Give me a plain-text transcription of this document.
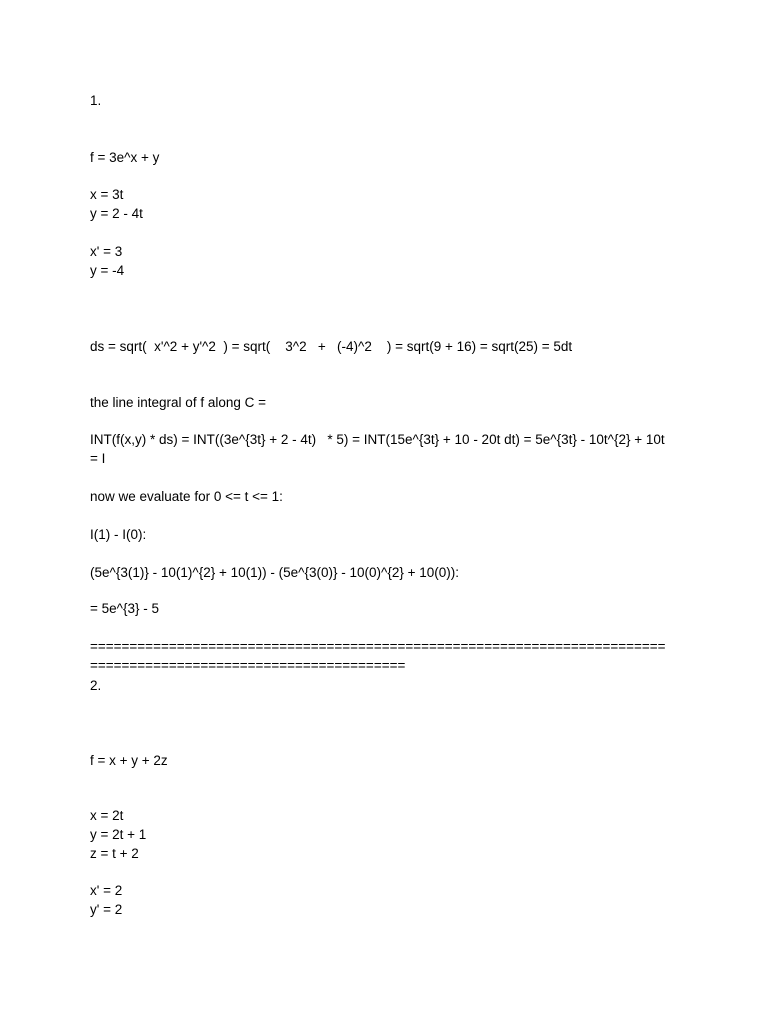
1.
f = 3e^x + y
x = 3t
y = 2 - 4t
x' = 3
y = -4
ds = sqrt(  x'^2 + y'^2  ) = sqrt(    3^2   +   (-4)^2    ) = sqrt(9 + 16) = sqrt(25) = 5dt
the line integral of f along C =
INT(f(x,y) * ds) = INT((3e^{3t} + 2 - 4t)   * 5) = INT(15e^{3t} + 10 - 20t dt) = 5e^{3t} - 10t^{2} + 10t
= I
now we evaluate for 0 <= t <= 1:
I(1) - I(0):
(5e^{3(1)} - 10(1)^{2} + 10(1)) - (5e^{3(0)} - 10(0)^{2} + 10(0)):
= 5e^{3} - 5
=========================================================================
========================================
2.
f = x + y + 2z
x = 2t
y = 2t + 1
z = t + 2
x' = 2
y' = 2
